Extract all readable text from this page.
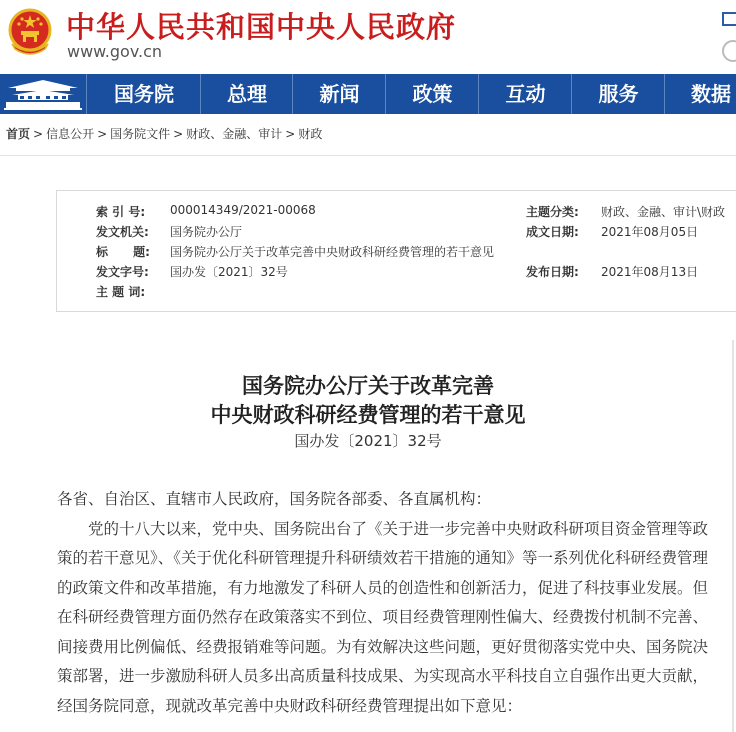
中华人民共和国中央人民政府
www.gov.cn
国务院	总理	新闻	政策	互动	服务	数据
首页 > 信息公开 > 国务院文件 > 财政、金融、审计 > 财政
索 引 号: 000014349/2021-00068	主题分类: 财政、金融、审计\财政
发文机关: 国务院办公厅	成文日期: 2021年08月05日
标      题: 国务院办公厅关于改革完善中央财政科研经费管理的若干意见
发文字号: 国办发〔2021〕32号	发布日期: 2021年08月13日
主 题 词:
国务院办公厅关于改革完善
中央财政科研经费管理的若干意见
国办发〔2021〕32号

各省、自治区、直辖市人民政府，国务院各部委、各直属机构：

党的十八大以来，党中央、国务院出台了《关于进一步完善中央财政科研项目资金管理等政策的若干意见》、《关于优化科研管理提升科研绩效若干措施的通知》等一系列优化科研经费管理的政策文件和改革措施，有力地激发了科研人员的创造性和创新活力，促进了科技事业发展。但在科研经费管理方面仍然存在政策落实不到位、项目经费管理刚性偏大、经费拨付机制不完善、间接费用比例偏低、经费报销难等问题。为有效解决这些问题，更好贯彻落实党中央、国务院决策部署，进一步激励科研人员多出高质量科技成果、为实现高水平科技自立自强作出更大贡献，经国务院同意，现就改革完善中央财政科研经费管理提出如下意见：
